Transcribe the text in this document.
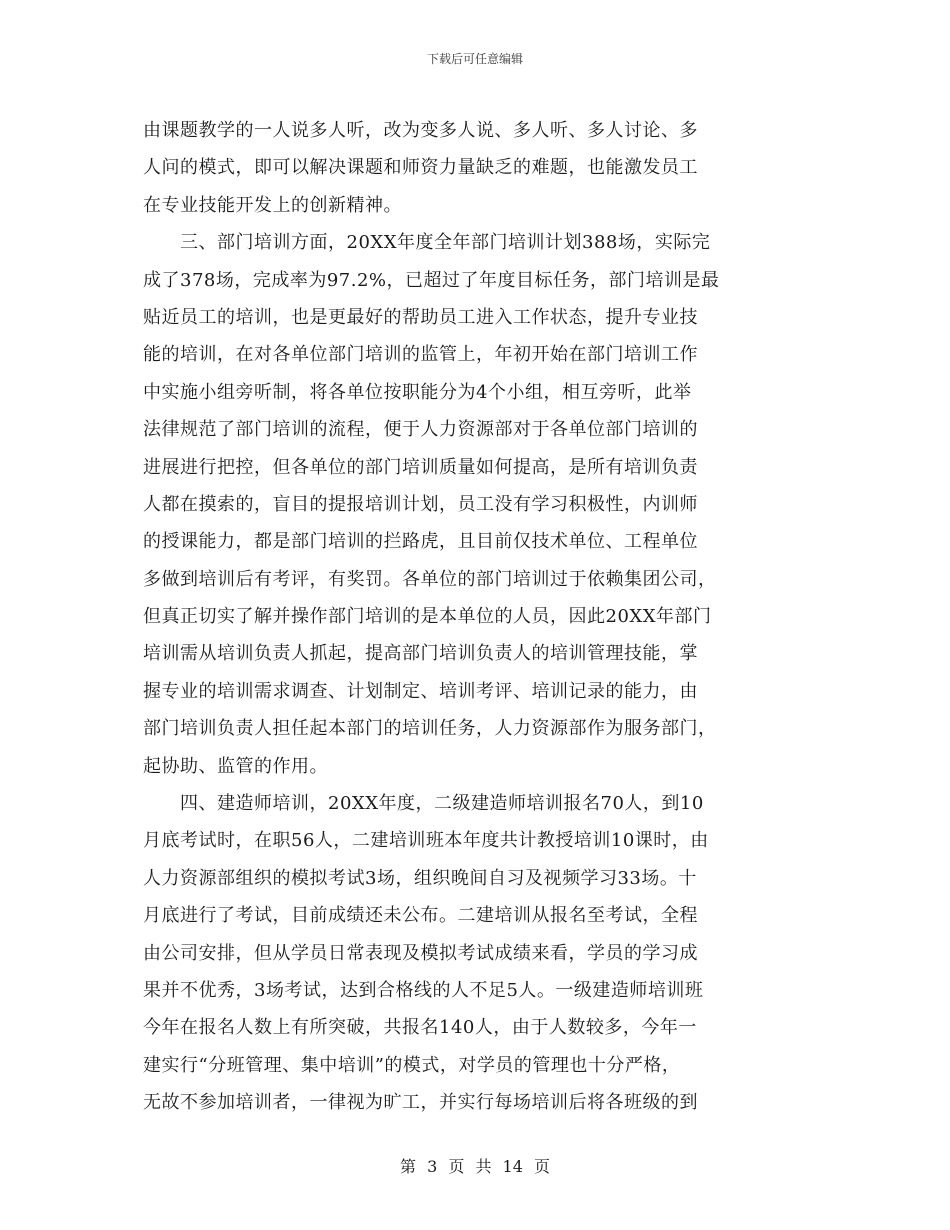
下载后可任意编辑
由课题教学的一人说多人听，改为变多人说、多人听、多人讨论、多
人问的模式，即可以解决课题和师资力量缺乏的难题，也能激发员工
在专业技能开发上的创新精神。
　　三、部门培训方面，20XX年度全年部门培训计划388场，实际完
成了378场，完成率为97.2%，已超过了年度目标任务，部门培训是最
贴近员工的培训，也是更最好的帮助员工进入工作状态，提升专业技
能的培训，在对各单位部门培训的监管上，年初开始在部门培训工作
中实施小组旁听制，将各单位按职能分为4个小组，相互旁听，此举
法律规范了部门培训的流程，便于人力资源部对于各单位部门培训的
进展进行把控，但各单位的部门培训质量如何提高，是所有培训负责
人都在摸索的，盲目的提报培训计划，员工没有学习积极性，内训师
的授课能力，都是部门培训的拦路虎，且目前仅技术单位、工程单位
多做到培训后有考评，有奖罚。各单位的部门培训过于依赖集团公司，
但真正切实了解并操作部门培训的是本单位的人员，因此20XX年部门
培训需从培训负责人抓起，提高部门培训负责人的培训管理技能，掌
握专业的培训需求调查、计划制定、培训考评、培训记录的能力，由
部门培训负责人担任起本部门的培训任务，人力资源部作为服务部门，
起协助、监管的作用。
　　四、建造师培训，20XX年度，二级建造师培训报名70人，到10
月底考试时，在职56人，二建培训班本年度共计教授培训10课时，由
人力资源部组织的模拟考试3场，组织晚间自习及视频学习33场。十
月底进行了考试，目前成绩还未公布。二建培训从报名至考试，全程
由公司安排，但从学员日常表现及模拟考试成绩来看，学员的学习成
果并不优秀，3场考试，达到合格线的人不足5人。一级建造师培训班
今年在报名人数上有所突破，共报名140人，由于人数较多，今年一
建实行“分班管理、集中培训”的模式，对学员的管理也十分严格，
无故不参加培训者，一律视为旷工，并实行每场培训后将各班级的到
第 3 页 共 14 页
